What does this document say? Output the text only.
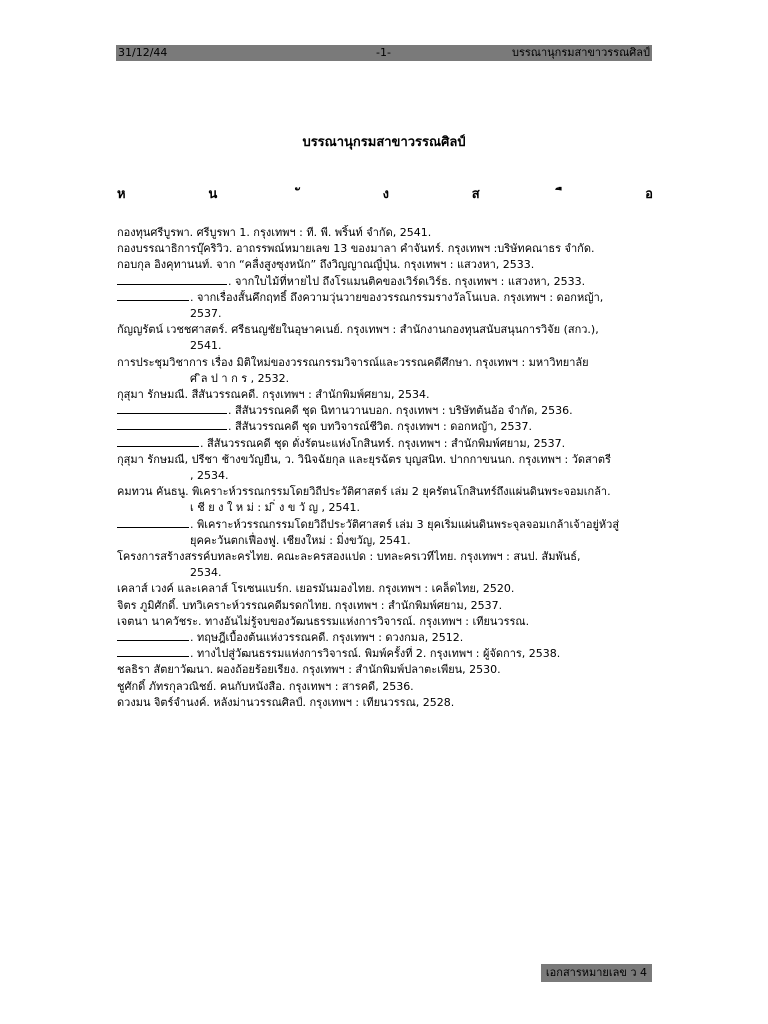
31/12/44	-1-	บรรณานุกรมสาขาวรรณศิลป์
บรรณานุกรมสาขาวรรณศิลป์
ห	น	ง	ส	อ
กองทุนศรีบูรพา. ศรีบูรพา 1. กรุงเทพฯ : ที. พี. พริ้นท์ จำกัด, 2541.
กองบรรณาธิการบุ๊คริวิว. อาถรรพณ์หมายเลข 13 ของมาลา คำจันทร์. กรุงเทพฯ :บริษัทคณาธร จำกัด.
กอบกุล อิงคุทานนท์. จาก “คลื่งสูงซุงหนัก” ถึงวิญญาณญี่ปุ่น. กรุงเทพฯ : แสวงหา, 2533.
. จากใบไม้ที่หายไป ถึงโรแมนติคของเวิร์ดเวิร์ธ. กรุงเทพฯ : แสวงหา, 2533.
. จากเรื่องสั้นคึกฤทธิ์ ถึงความวุ่นวายของวรรณกรรมรางวัลโนเบล. กรุงเทพฯ : ดอกหญ้า,
2537.
กัญญรัตน์ เวชชศาสตร์. ศรีธนญชัยในอุษาคเนย์. กรุงเทพฯ : สำนักงานกองทุนสนับสนุนการวิจัย (สกว.),
2541.
การประชุมวิชาการ เรื่อง มิติใหม่ของวรรณกรรมวิจารณ์และวรรณคดีศึกษา. กรุงเทพฯ : มหาวิทยาลัย
ศ ิล ป า ก ร , 2532.
กุสุมา รักษมณี. สีสันวรรณคดี. กรุงเทพฯ : สำนักพิมพ์ศยาม, 2534.
. สีสันวรรณคดี ชุด นิทานวานบอก. กรุงเทพฯ : บริษัทต้นอ้อ จำกัด, 2536.
. สีสันวรรณคดี ชุด บทวิจารณ์ชีวิต. กรุงเทพฯ : ดอกหญ้า, 2537.
. สีสันวรรณคดี ชุด ดั่งรัตนะแห่งโกสินทร์. กรุงเทพฯ : สำนักพิมพ์ศยาม, 2537.
กุสุมา รักษมณี, ปรีชา ช้างขวัญยืน, ว. วินิจฉัยกุล และยุรฉัตร บุญสนิท. ปากกาขนนก. กรุงเทพฯ : วัดสาตรี
, 2534.
คมทวน คันธนู. พิเคราะห์วรรณกรรมโดยวิถีประวัติศาสตร์ เล่ม 2 ยุครัตนโกสินทร์ถึงแผ่นดินพระจอมเกล้า.
เ ชี ย ง ใ ห ม่ : ม ิ่ ง ข วั ญ , 2541.
. พิเคราะห์วรรณกรรมโดยวิถีประวัติศาสตร์ เล่ม 3 ยุคเริ่มแผ่นดินพระจุลจอมเกล้าเจ้าอยู่หัวสู่
ยุคคะวันตกเฟื่องฟู. เชียงใหม่ : มิ่งขวัญ, 2541.
โครงการสร้างสรรค์บทละครไทย. คณะละครสองแปด : บทละครเวทีไทย. กรุงเทพฯ : สนป. สัมพันธ์,
2534.
เคลาส์ เวงค์ และเคลาส์ โรเซนแบร์ก. เยอรมันมองไทย. กรุงเทพฯ : เคล็ดไทย, 2520.
จิตร ภูมิศักดิ์. บทวิเคราะห์วรรณคดีมรดกไทย. กรุงเทพฯ : สำนักพิมพ์ศยาม, 2537.
เจตนา นาควัชระ. ทางอันไม่รู้จบของวัฒนธรรมแห่งการวิจารณ์. กรุงเทพฯ : เทียนวรรณ.
. ทฤษฎีเบื้องต้นแห่งวรรณคดี. กรุงเทพฯ : ดวงกมล, 2512.
. ทางไปสู่วัฒนธรรมแห่งการวิจารณ์. พิมพ์ครั้งที่ 2. กรุงเทพฯ : ผู้จัดการ, 2538.
ชลธิรา สัตยาวัฒนา. ผองถ้อยร้อยเรียง. กรุงเทพฯ : สำนักพิมพ์ปลาตะเพียน, 2530.
ชูศักดิ์ ภัทรกุลวณิชย์. คนกับหนังสือ. กรุงเทพฯ : สารคดี, 2536.
ดวงมน จิตร์จำนงค์. หลังม่านวรรณศิลป์. กรุงเทพฯ : เทียนวรรณ, 2528.
เอกสารหมายเลข ว 4
